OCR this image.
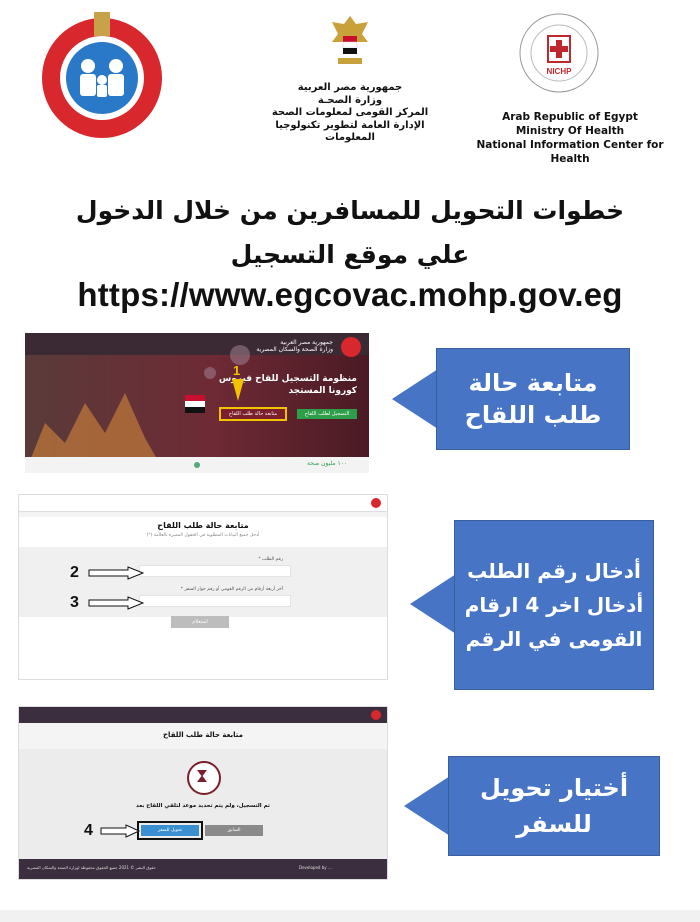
جمهورية مصر العربية
وزارة الصحـة
المركز القومى لمعلومات الصحة
الإدارة العامة لتطوير تكنولوجيا المعلومات
NICHP
Arab Republic of Egypt
Ministry Of Health
National Information Center for Health
خطوات التحويل للمسافرين من خلال الدخول
علي موقع التسجيل
https://www.egcovac.mohp.gov.eg
جمهورية مصر العربية
وزارة الصحة والسكان المصرية
منظومة التسجيل للقاح فيروس
كورونا المستجد
التسجيل لطلب اللقاح
متابعة حالة طلب اللقاح
1
١٠٠ مليون صحة
متابعة حالة
طلب اللقاح
متابعة حالة طلب اللقاح
أدخل جميع البيانات المطلوبة في الحقول المميزة بالعلامة (*)
رقم الطلب *
آخر أربعة أرقام من الرقم القومي أو رقم جواز السفر *
استعلام
2
3
أدخال رقم الطلب
أدخال اخر 4 ارقام
القومى في الرقم
متابعة حالة طلب اللقاح
تم التسجيل، ولم يتم تحديد موعد لتلقي اللقاح بعد
تحويل للسفر	السابق
Developed by ...
حقوق النشر © 2021 جميع الحقوق محفوظة لوزارة الصحة والسكان المصرية
4
أختيار تحويل
للسفر
